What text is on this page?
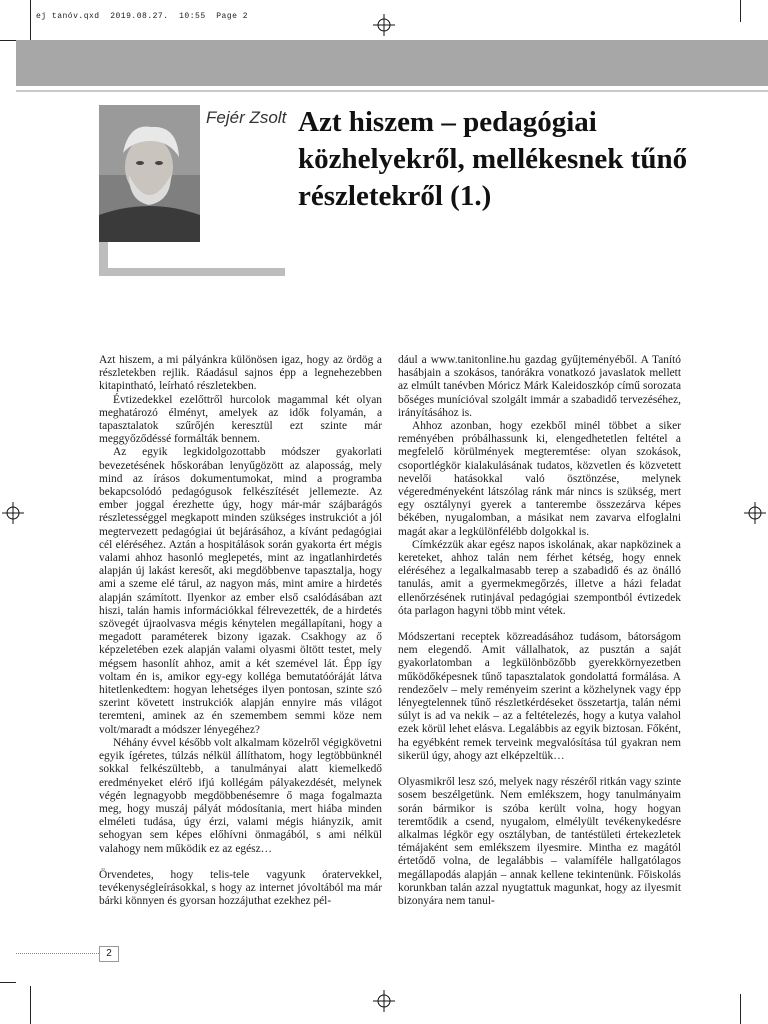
ej tanóv.qxd  2019.08.27.  10:55  Page 2
Fejér Zsolt Azt hiszem – pedagógiai közhelyekről, mellékesnek tűnő részletekről (1.)

Azt hiszem, a mi pályánkra különösen igaz, hogy az ördög a részletekben rejlik. Ráadásul sajnos épp a legnehezebben kitapintható, leírható részletekben.

Évtizedekkel ezelőttről hurcolok magammal két olyan meghatározó élményt, amelyek az idők folyamán, a tapasztalatok szűrőjén keresztül ezt szinte már meggyőződéssé formálták bennem.

Az egyik legkidolgozottabb módszer gyakorlati bevezetésének hőskorában lenyűgözött az alaposság, mely mind az írásos dokumentumokat, mind a programba bekapcsolódó pedagógusok felkészítését jellemezte. Az ember joggal érezhette úgy, hogy már-már szájbarágós részletességgel megkapott minden szükséges instrukciót a jól megtervezett pedagógiai út bejárásához, a kívánt pedagógiai cél eléréséhez. Aztán a hospitálások során gyakorta ért mégis valami ahhoz hasonló meglepetés, mint az ingatlanhirdetés alapján új lakást keresőt, aki megdöbbenve tapasztalja, hogy ami a szeme elé tárul, az nagyon más, mint amire a hirdetés alapján számított. Ilyenkor az ember első csalódásában azt hiszi, talán hamis információkkal félrevezették, de a hirdetés szövegét újraolvasva mégis kénytelen megállapítani, hogy a megadott paraméterek bizony igazak. Csakhogy az ő képzeletében ezek alapján valami olyasmi öltött testet, mely mégsem hasonlít ahhoz, amit a két szemével lát. Épp így voltam én is, amikor egy-egy kolléga bemutatóóráját látva hitetlenkedtem: hogyan lehetséges ilyen pontosan, szinte szó szerint követett instrukciók alapján ennyire más világot teremteni, aminek az én szemembem semmi köze nem volt/maradt a módszer lényegéhez?

Néhány évvel később volt alkalmam közelről végigkövetni egyik ígéretes, túlzás nélkül állíthatom, hogy legtöbbünknél sokkal felkészültebb, a tanulmányai alatt kiemelkedő eredményeket elérő ifjú kollégám pályakezdését, melynek végén legnagyobb megdöbbenésemre ő maga fogalmazta meg, hogy muszáj pályát módosítania, mert hiába minden elméleti tudása, úgy érzi, valami mégis hiányzik, amit sehogyan sem képes előhívni önmagából, s ami nélkül valahogy nem működik ez az egész…

Örvendetes, hogy telis-tele vagyunk óratervekkel, tevékenységleírásokkal, s hogy az internet jóvoltából ma már bárki könnyen és gyorsan hozzájuthat ezekhez pél-

dául a www.tanitonline.hu gazdag gyűjteményéből. A Tanító hasábjain a szokásos, tanórákra vonatkozó javaslatok mellett az elmúlt tanévben Móricz Márk Kaleidoszkóp című sorozata bőséges munícióval szolgált immár a szabadidő tervezéséhez, irányításához is.

Ahhoz azonban, hogy ezekből minél többet a siker reményében próbálhassunk ki, elengedhetetlen feltétel a megfelelő körülmények megteremtése: olyan szokások, csoportlégkör kialakulásának tudatos, közvetlen és közvetett nevelői hatásokkal való ösztönzése, melynek végeredményeként látszólag ránk már nincs is szükség, mert egy osztálynyi gyerek a tanterembe összezárva képes békében, nyugalomban, a másikat nem zavarva elfoglalni magát akar a legkülönfélébb dolgokkal is.

Címkézzük akar egész napos iskolának, akar napközinek a kereteket, ahhoz talán nem férhet kétség, hogy ennek eléréséhez a legalkalmasabb terep a szabadidő és az önálló tanulás, amit a gyermekmegőrzés, illetve a házi feladat ellenőrzésének rutinjával pedagógiai szempontból évtizedek óta parlagon hagyni több mint vétek.

Módszertani receptek közreadásához tudásom, bátorságom nem elegendő. Amit vállalhatok, az pusztán a saját gyakorlatomban a legkülönbözőbb gyerekkörnyezetben működőképesnek tűnő tapasztalatok gondolattá formálása. A rendezőelv – mely reményeim szerint a közhelynek vagy épp lényegtelennek tűnő részletkérdéseket összetartja, talán némi súlyt is ad va nekik – az a feltételezés, hogy a kutya valahol ezek körül lehet elásva. Legalábbis az egyik biztosan. Főként, ha egyébként remek terveink megvalósítása túl gyakran nem sikerül úgy, ahogy azt elképzeltük…

Olyasmikről lesz szó, melyek nagy részéről ritkán vagy szinte sosem beszélgetünk. Nem emlékszem, hogy tanulmányaim során bármikor is szóba került volna, hogy hogyan teremtődik a csend, nyugalom, elmélyült tevékenykedésre alkalmas légkör egy osztályban, de tantéstületi értekezletek témájaként sem emlékszem ilyesmire. Mintha ez magától értetődő volna, de legalábbis – valamíféle hallgatólagos megállapodás alapján – annak kellene tekintenünk. Főiskolás korunkban talán azzal nyugtattuk magunkat, hogy az ilyesmit bizonyára nem tanul-

2
